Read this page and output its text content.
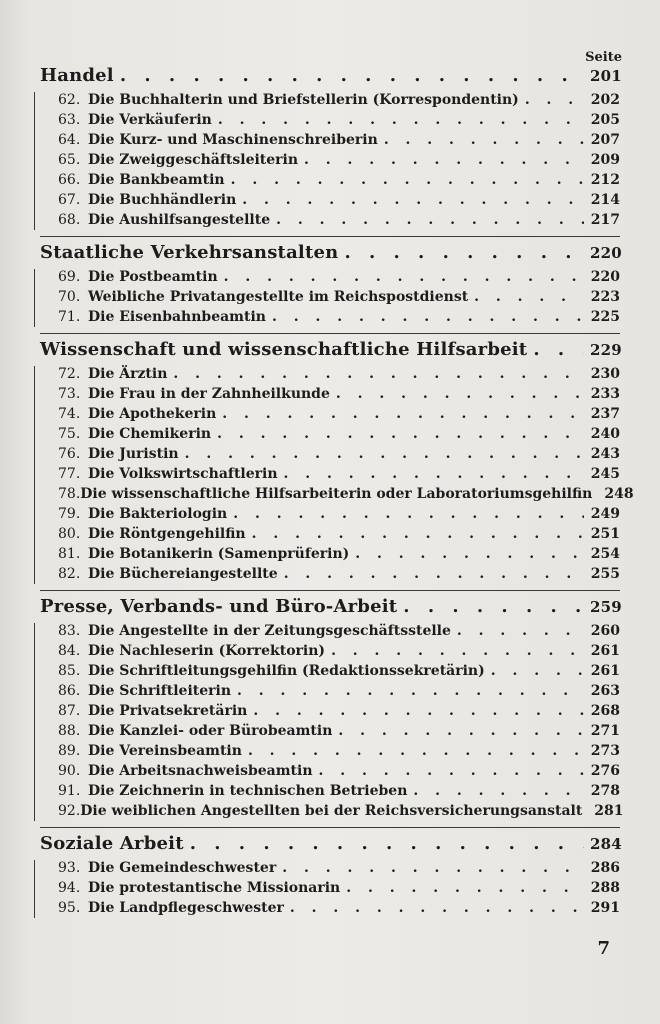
Seite
Handel . . .	201
62. Die Buchhalterin und Briefstellerin (Korrespondentin) . . .	202
63. Die Verkäuferin . . .	205
64. Die Kurz- und Maschinenschreiberin . . .	207
65. Die Zweiggeschäftsleiterin . . .	209
66. Die Bankbeamtin . . .	212
67. Die Buchhändlerin . . .	214
68. Die Aushilfsangestellte . . .	217
Staatliche Verkehrsanstalten . . .	220
69. Die Postbeamtin . . .	220
70. Weibliche Privatangestellte im Reichspostdienst . . .	223
71. Die Eisenbahnbeamtin . . .	225
Wissenschaft und wissenschaftliche Hilfsarbeit . . .	229
72. Die Ärztin . . .	230
73. Die Frau in der Zahnheilkunde . . .	233
74. Die Apothekerin . . .	237
75. Die Chemikerin . . .	240
76. Die Juristin . . .	243
77. Die Volkswirtschaftlerin . . .	245
78. Die wissenschaftliche Hilfsarbeiterin oder Laboratoriumsgehilfin 248
79. Die Bakteriologin . . .	249
80. Die Röntgengehilfin . . .	251
81. Die Botanikerin (Samenprüferin) . . .	254
82. Die Büchereiangestellte . . .	255
Presse, Verbands- und Büro-Arbeit . . .	259
83. Die Angestellte in der Zeitungsgeschäftsstelle . . .	260
84. Die Nachleserin (Korrektorin) . . .	261
85. Die Schriftleitungsgehilfin (Redaktionssekretärin) . . .	261
86. Die Schriftleiterin . . .	263
87. Die Privatsekretärin . . .	268
88. Die Kanzlei- oder Bürobeamtin . . .	271
89. Die Vereinsbeamtin . . .	273
90. Die Arbeitsnachweisbeamtin . . .	276
91. Die Zeichnerin in technischen Betrieben . . .	278
92. Die weiblichen Angestellten bei der Reichsversicherungsanstalt 281
Soziale Arbeit . . .	284
93. Die Gemeindeschwester . . .	286
94. Die protestantische Missionarin . . .	288
95. Die Landpflegeschwester . . .	291
7
